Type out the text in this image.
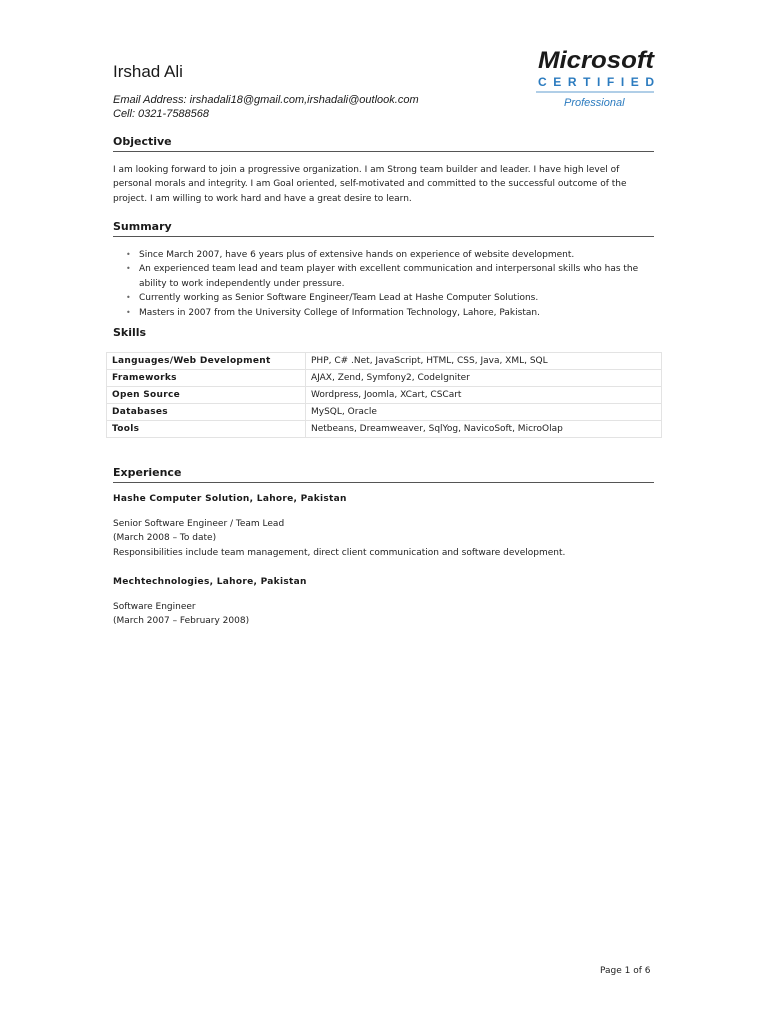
Irshad Ali
Email Address: irshadali18@gmail.com,irshadali@outlook.com
Cell: 0321-7588568
Microsoft
CERTIFIED
Professional
Objective
I am looking forward to join a progressive organization. I am Strong team builder and leader. I have high level of personal morals and integrity. I am Goal oriented, self-motivated and committed to the successful outcome of the project. I am willing to work hard and have a great desire to learn.
Summary
• Since March 2007, have 6 years plus of extensive hands on experience of website development.
• An experienced team lead and team player with excellent communication and interpersonal skills who has the ability to work independently under pressure.
• Currently working as Senior Software Engineer/Team Lead at Hashe Computer Solutions.
• Masters in 2007 from the University College of Information Technology, Lahore, Pakistan.
Skills
Languages/Web Development	PHP, C# .Net, JavaScript, HTML, CSS, Java, XML, SQL
Frameworks	AJAX, Zend, Symfony2, CodeIgniter
Open Source	Wordpress, Joomla, XCart, CSCart
Databases	MySQL, Oracle
Tools	Netbeans, Dreamweaver, SqlYog, NavicoSoft, MicroOlap
Experience
Hashe Computer Solution, Lahore, Pakistan
Senior Software Engineer / Team Lead
(March 2008 – To date)
Responsibilities include team management, direct client communication and software development.
Mechtechnologies, Lahore, Pakistan
Software Engineer
(March 2007 – February 2008)
Page 1 of 6
